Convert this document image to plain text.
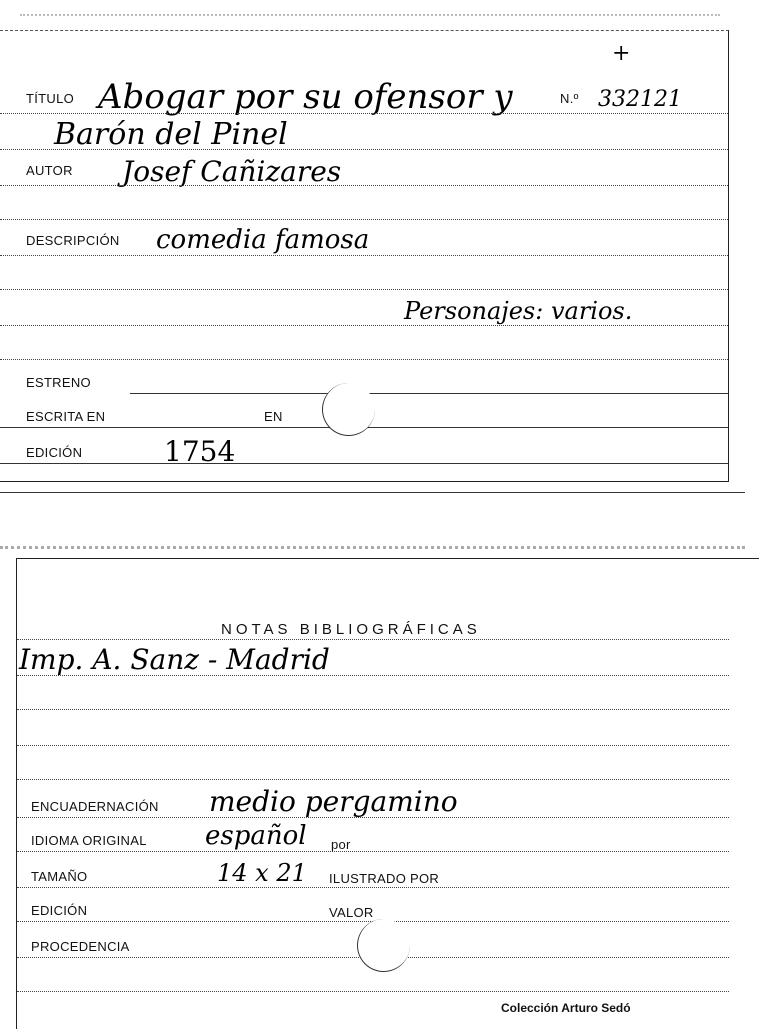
TÍTULO Abogar por su ofensor y	N.º 332121
+
Barón del Pinel
AUTOR Josef Cañizares
DESCRIPCIÓN comedia famosa
Personajes: varios.
ESTRENO
ESCRITA EN	EN
EDICIÓN	1754
NOTAS BIBLIOGRÁFICAS
Imp. A. Sanz - Madrid
ENCUADERNACIÓN medio pergamino
IDIOMA ORIGINAL español por
TAMAÑO	14 x 21 ILUSTRADO POR
EDICIÓN	VALOR
PROCEDENCIA
Colección Arturo Sedó
